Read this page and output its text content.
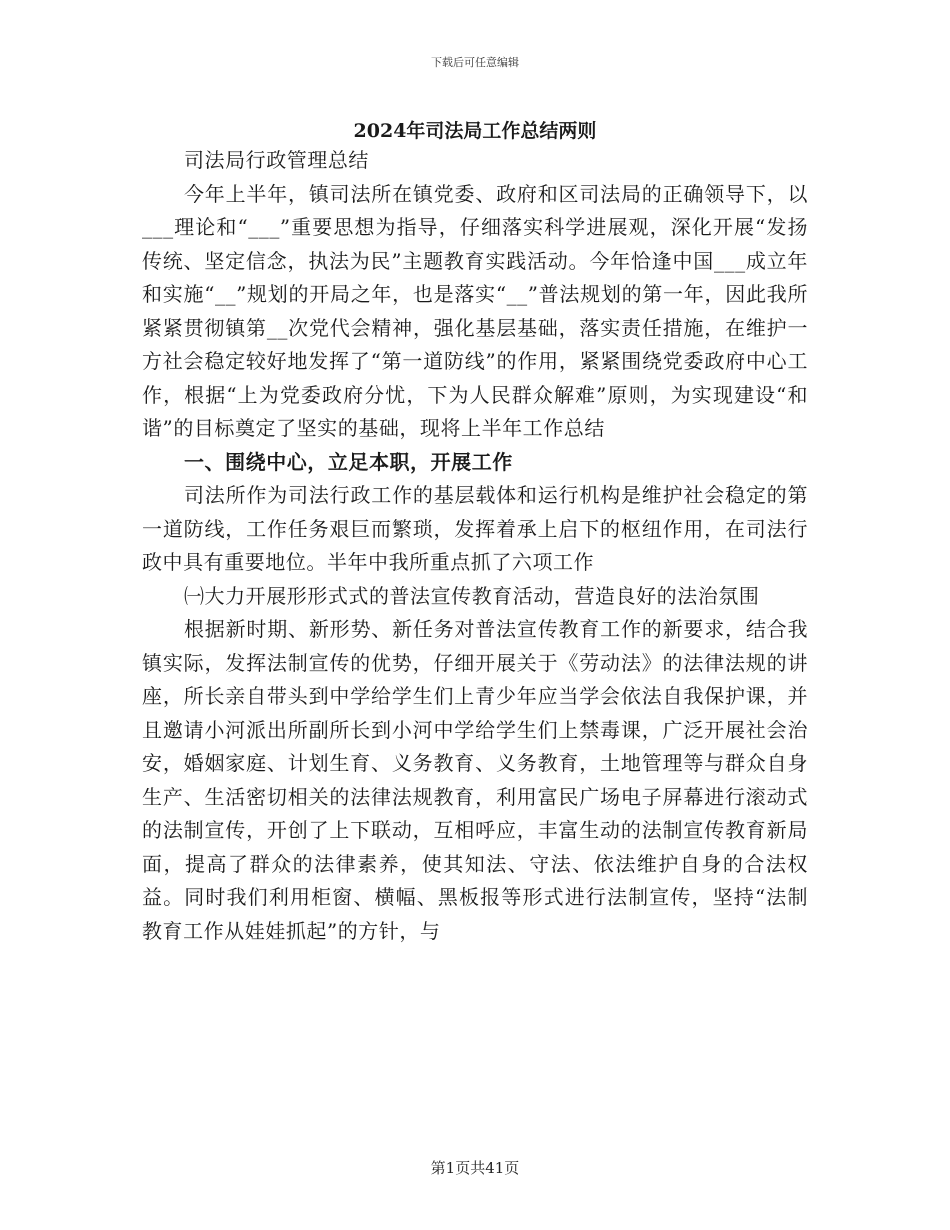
下载后可任意编辑
2024年司法局工作总结两则

司法局行政管理总结

今年上半年，镇司法所在镇党委、政府和区司法局的正确领导下，以___理论和“___”重要思想为指导，仔细落实科学进展观，深化开展“发扬传统、坚定信念，执法为民”主题教育实践活动。今年恰逢中国___成立年和实施“__”规划的开局之年，也是落实“__”普法规划的第一年，因此我所紧紧贯彻镇第__次党代会精神，强化基层基础，落实责任措施，在维护一方社会稳定较好地发挥了“第一道防线”的作用，紧紧围绕党委政府中心工作，根据“上为党委政府分忧，下为人民群众解难”原则，为实现建设“和谐”的目标奠定了坚实的基础，现将上半年工作总结

一、围绕中心，立足本职，开展工作

司法所作为司法行政工作的基层载体和运行机构是维护社会稳定的第一道防线，工作任务艰巨而繁琐，发挥着承上启下的枢纽作用，在司法行政中具有重要地位。半年中我所重点抓了六项工作

㈠大力开展形形式式的普法宣传教育活动，营造良好的法治氛围

根据新时期、新形势、新任务对普法宣传教育工作的新要求，结合我镇实际，发挥法制宣传的优势，仔细开展关于《劳动法》的法律法规的讲座，所长亲自带头到中学给学生们上青少年应当学会依法自我保护课，并且邀请小河派出所副所长到小河中学给学生们上禁毒课，广泛开展社会治安，婚姻家庭、计划生育、义务教育、义务教育，土地管理等与群众自身生产、生活密切相关的法律法规教育，利用富民广场电子屏幕进行滚动式的法制宣传，开创了上下联动，互相呼应，丰富生动的法制宣传教育新局面，提高了群众的法律素养，使其知法、守法、依法维护自身的合法权益。同时我们利用柜窗、横幅、黑板报等形式进行法制宣传，坚持“法制教育工作从娃娃抓起”的方针，与

第1页共41页
